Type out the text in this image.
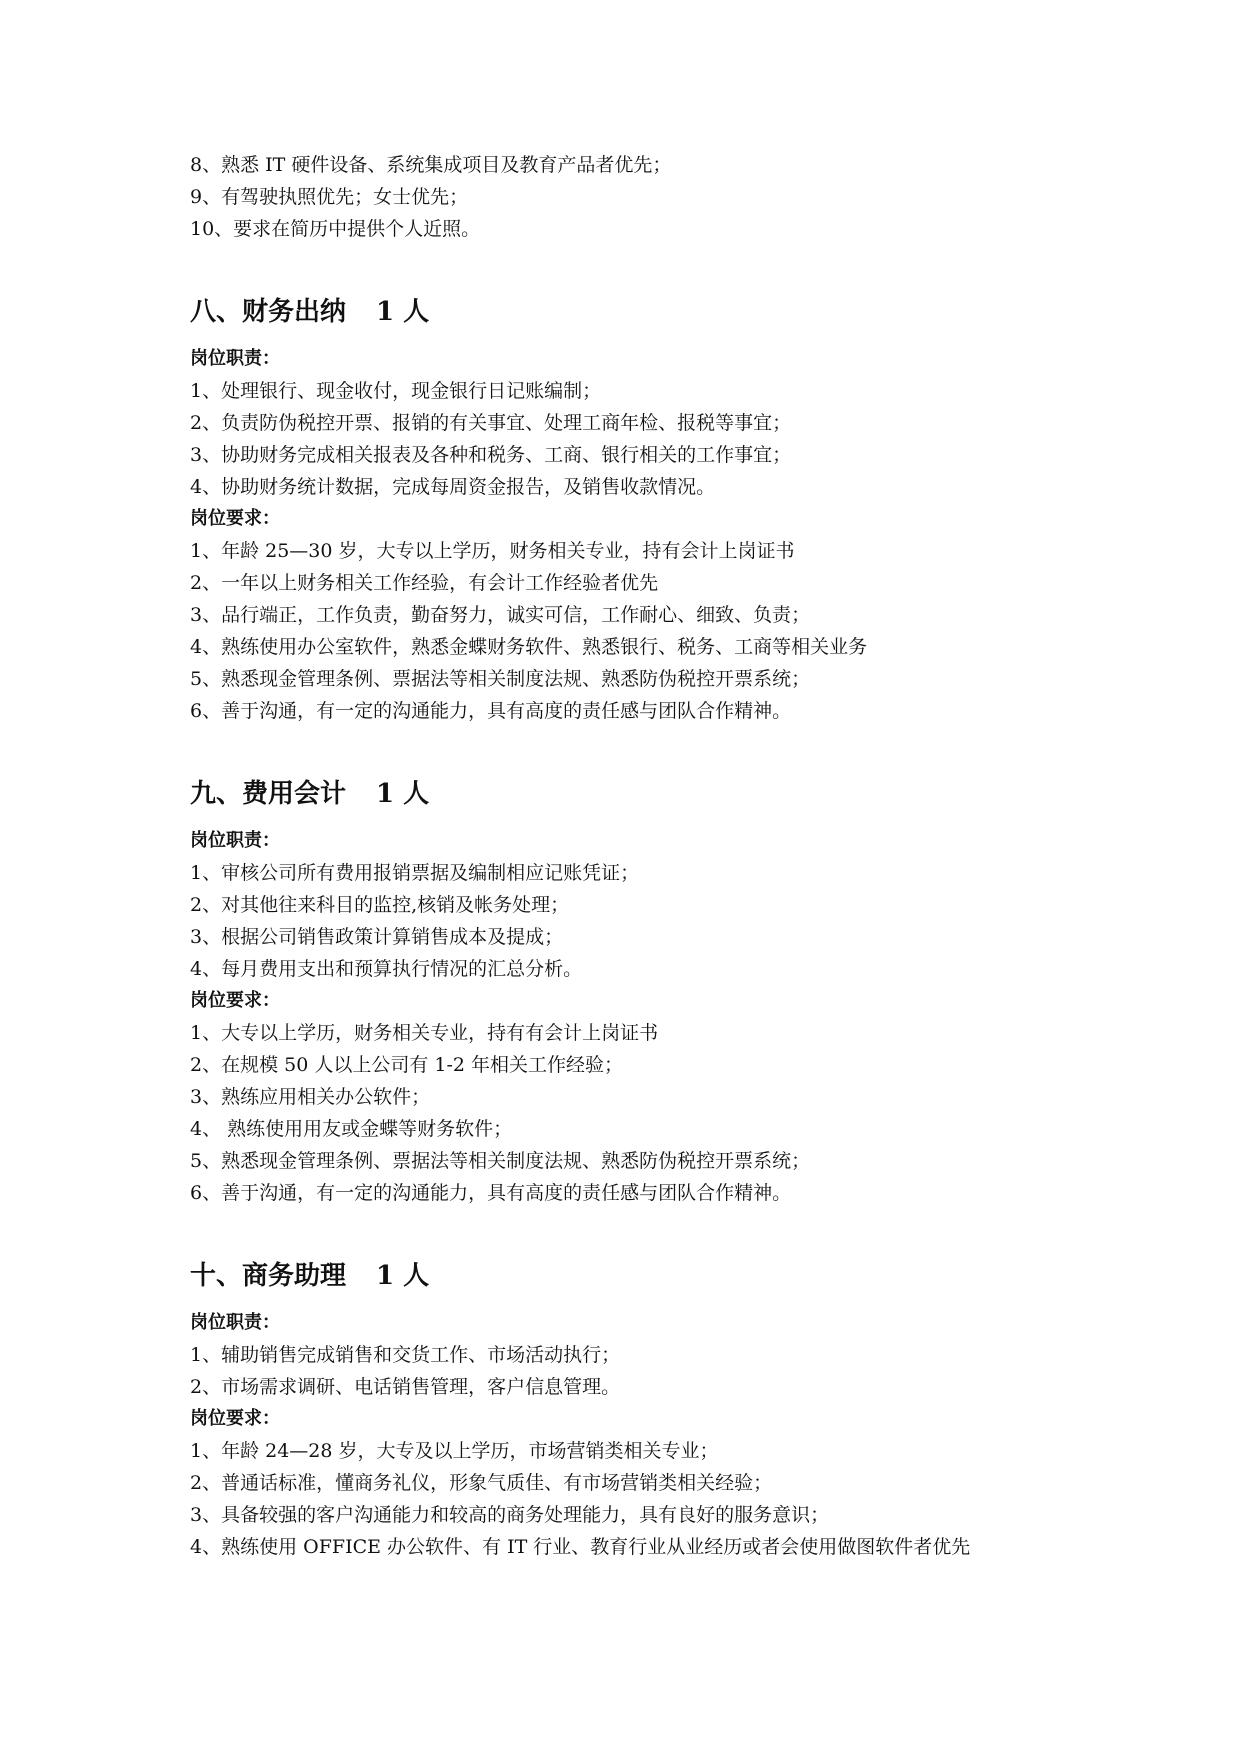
8、熟悉 IT 硬件设备、系统集成项目及教育产品者优先；
9、有驾驶执照优先；女士优先；
10、要求在简历中提供个人近照。
八、财务出纳 1 人
岗位职责：
1、处理银行、现金收付，现金银行日记账编制；
2、负责防伪税控开票、报销的有关事宜、处理工商年检、报税等事宜；
3、协助财务完成相关报表及各种和税务、工商、银行相关的工作事宜；
4、协助财务统计数据，完成每周资金报告，及销售收款情况。
岗位要求：
1、年龄 25—30 岁，大专以上学历，财务相关专业，持有会计上岗证书
2、一年以上财务相关工作经验，有会计工作经验者优先
3、品行端正，工作负责，勤奋努力，诚实可信，工作耐心、细致、负责；
4、熟练使用办公室软件，熟悉金蝶财务软件、熟悉银行、税务、工商等相关业务
5、熟悉现金管理条例、票据法等相关制度法规、熟悉防伪税控开票系统；
6、善于沟通，有一定的沟通能力，具有高度的责任感与团队合作精神。
九、费用会计 1 人
岗位职责：
1、审核公司所有费用报销票据及编制相应记账凭证；
2、对其他往来科目的监控,核销及帐务处理；
3、根据公司销售政策计算销售成本及提成；
4、每月费用支出和预算执行情况的汇总分析。
岗位要求：
1、大专以上学历，财务相关专业，持有有会计上岗证书
2、在规模 50 人以上公司有 1-2 年相关工作经验；
3、熟练应用相关办公软件；
4、 熟练使用用友或金蝶等财务软件；
5、熟悉现金管理条例、票据法等相关制度法规、熟悉防伪税控开票系统；
6、善于沟通，有一定的沟通能力，具有高度的责任感与团队合作精神。
十、商务助理 1 人
岗位职责：
1、辅助销售完成销售和交货工作、市场活动执行；
2、市场需求调研、电话销售管理，客户信息管理。
岗位要求：
1、年龄 24—28 岁，大专及以上学历，市场营销类相关专业；
2、普通话标准，懂商务礼仪，形象气质佳、有市场营销类相关经验；
3、具备较强的客户沟通能力和较高的商务处理能力，具有良好的服务意识；
4、熟练使用 OFFICE 办公软件、有 IT 行业、教育行业从业经历或者会使用做图软件者优先
